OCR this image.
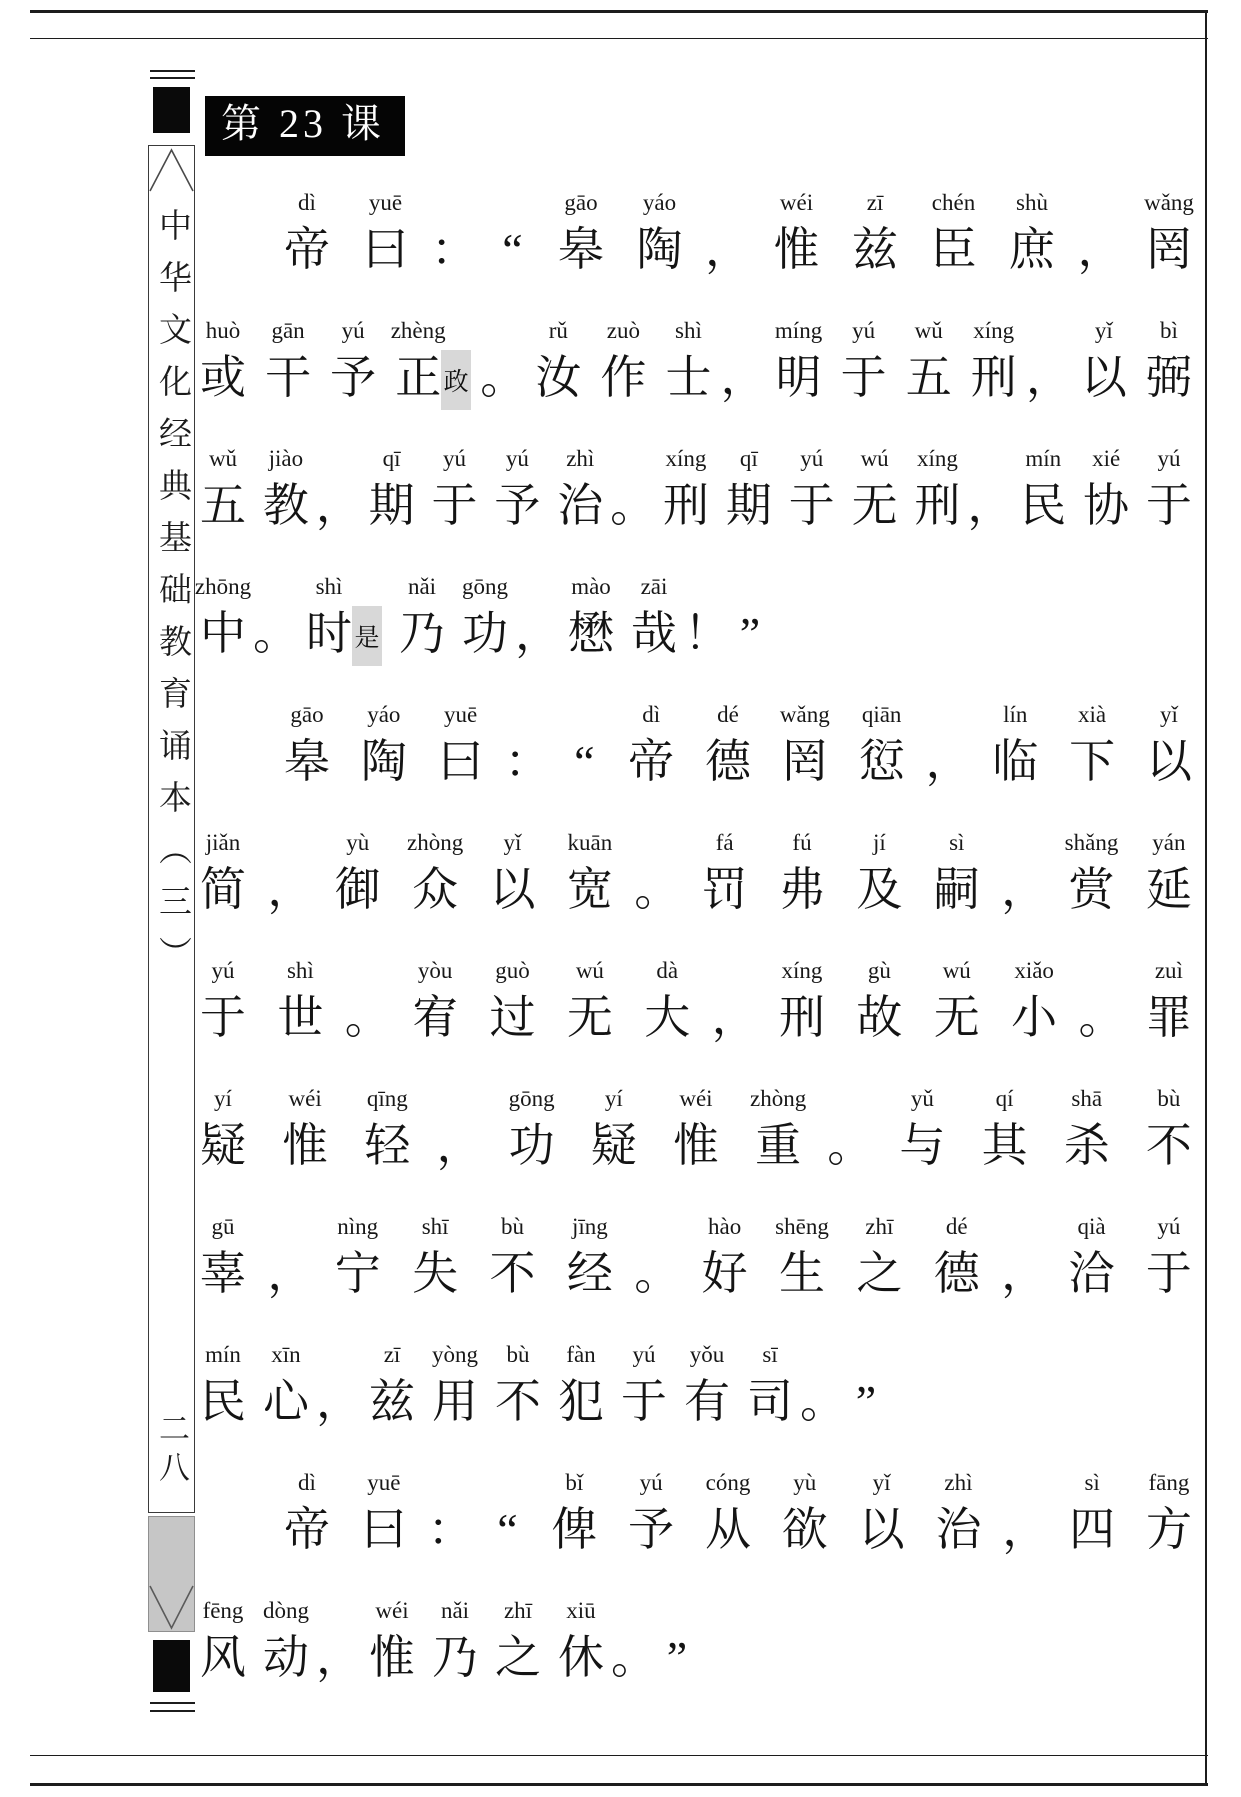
中华文化经典基础教育诵本（三）
二八
第 23 课
dì
帝
yuē
曰
：
“
gāo
皋
yáo
陶
，
wéi
惟
zī
兹
chén
臣
shù
庶
，
wǎng
罔
huò
或
gān
干
yú
予
zhèng
正 政
。
rǔ
汝
zuò
作
shì
士
，
míng
明
yú
于
wǔ
五
xíng
刑
，
yǐ
以
bì
弼
wǔ
五
jiào
教
，
qī
期
yú
于
yú
予
zhì
治
。
xíng
刑
qī
期
yú
于
wú
无
xíng
刑
，
mín
民
xié
协
yú
于
zhōng
中
。
shì
时 是
nǎi
乃
gōng
功
，
mào
懋
zāi
哉
！
”
gāo
皋
yáo
陶
yuē
曰
：
“
dì
帝
dé
德
wǎng
罔
qiān
愆
，
lín
临
xià
下
yǐ
以
jiǎn
简
，
yù
御
zhòng
众
yǐ
以
kuān
宽
。
fá
罚
fú
弗
jí
及
sì
嗣
，
shǎng
赏
yán
延
yú
于
shì
世
。
yòu
宥
guò
过
wú
无
dà
大
，
xíng
刑
gù
故
wú
无
xiǎo
小
。
zuì
罪
yí
疑
wéi
惟
qīng
轻
，
gōng
功
yí
疑
wéi
惟
zhòng
重
。
yǔ
与
qí
其
shā
杀
bù
不
gū
辜
，
nìng
宁
shī
失
bù
不
jīng
经
。
hào
好
shēng
生
zhī
之
dé
德
，
qià
洽
yú
于
mín
民
xīn
心
，
zī
兹
yòng
用
bù
不
fàn
犯
yú
于
yǒu
有
sī
司
。
”
dì
帝
yuē
曰
：
“
bǐ
俾
yú
予
cóng
从
yù
欲
yǐ
以
zhì
治
，
sì
四
fāng
方
fēng
风
dòng
动
，
wéi
惟
nǎi
乃
zhī
之
xiū
休
。
”
